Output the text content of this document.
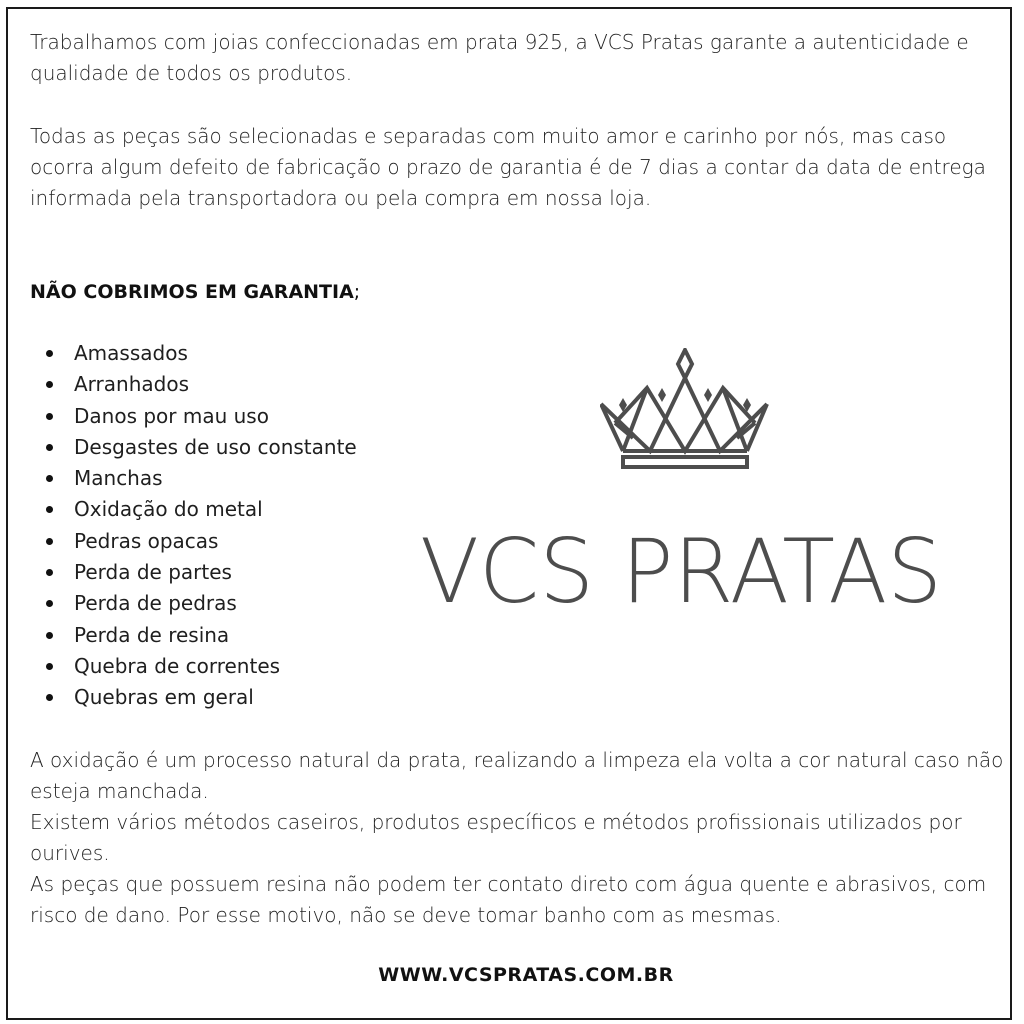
Trabalhamos com joias confeccionadas em prata 925, a VCS Pratas garante a autenticidade e qualidade de todos os produtos.

Todas as peças são selecionadas e separadas com muito amor e carinho por nós, mas caso ocorra algum defeito de fabricação o prazo de garantia é de 7 dias a contar da data de entrega informada pela transportadora ou pela compra em nossa loja.

NÃO COBRIMOS EM GARANTIA;

Amassados
Arranhados
Danos por mau uso
Desgastes de uso constante
Manchas
Oxidação do metal
Pedras opacas
Perda de partes
Perda de pedras
Perda de resina
Quebra de correntes
Quebras em geral
A oxidação é um processo natural da prata, realizando a limpeza ela volta a cor natural caso não esteja manchada.
Existem vários métodos caseiros, produtos específicos e métodos profissionais utilizados por ourives.
As peças que possuem resina não podem ter contato direto com água quente e abrasivos, com risco de dano. Por esse motivo, não se deve tomar banho com as mesmas.
VCS PRATAS
WWW.VCSPRATAS.COM.BR
